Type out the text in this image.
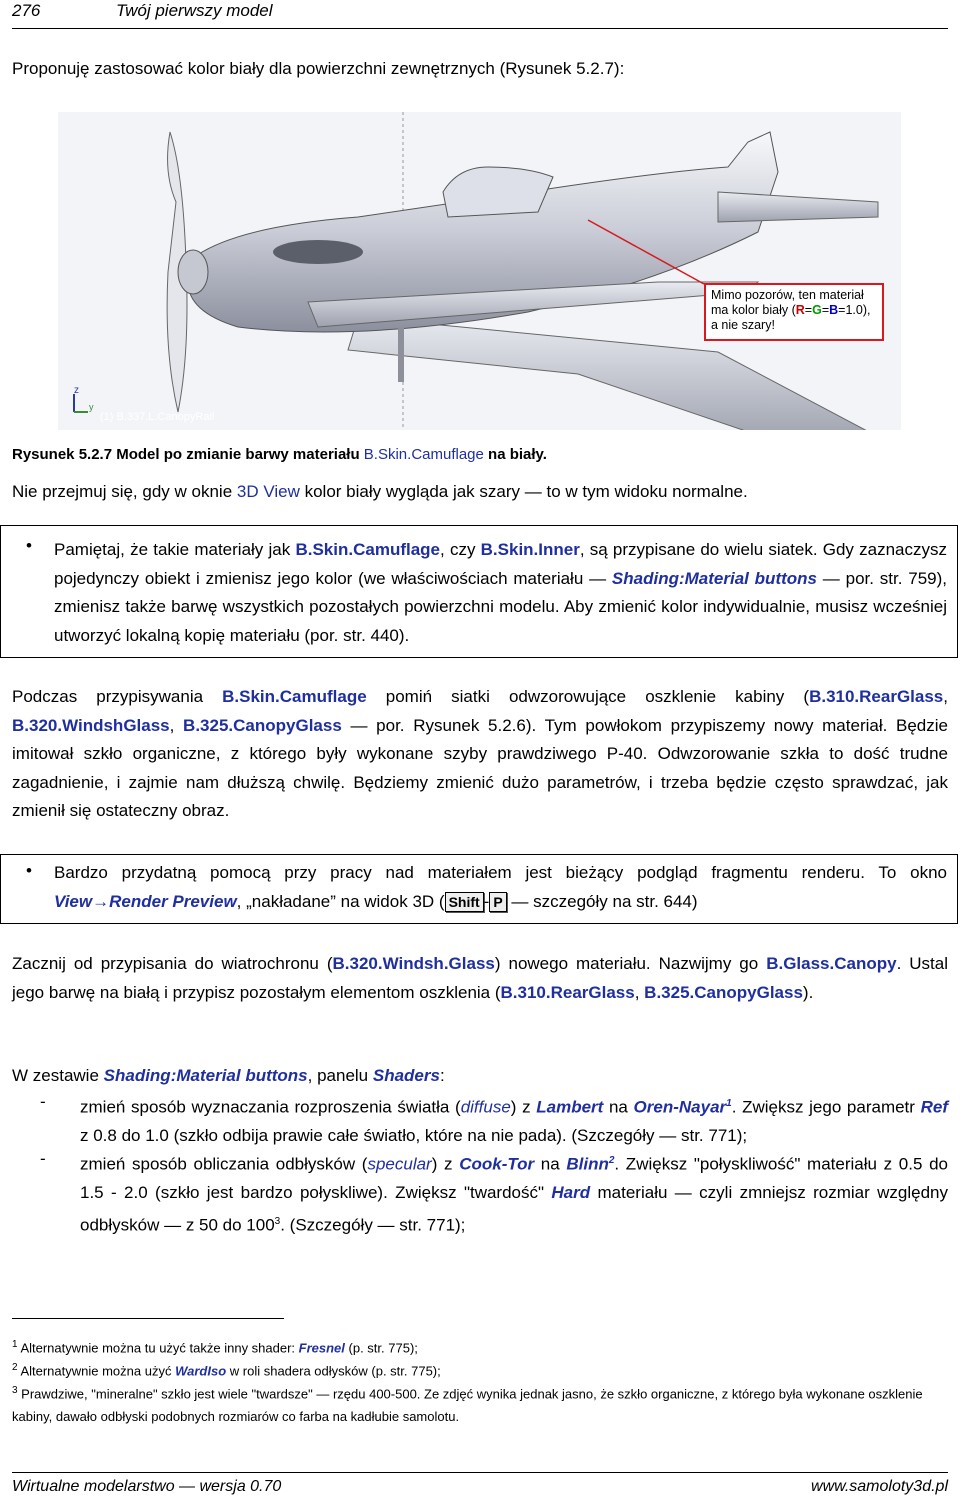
276	Twój pierwszy model
Proponuję zastosować kolor biały dla powierzchni zewnętrznych (Rysunek 5.2.7):
z
y
(1) B.337.L.CanopyRail
Mimo pozorów, ten materiał
ma kolor biały (R=G=B=1.0),
a nie szary!
Rysunek 5.2.7 Model po zmianie barwy materiału B.Skin.Camuflage na biały.
Nie przejmuj się, gdy w oknie 3D View kolor biały wygląda jak szary — to w tym widoku normalne.
• Pamiętaj, że takie materiały jak B.Skin.Camuflage, czy B.Skin.Inner, są przypisane do wielu siatek. Gdy zaznaczysz pojedynczy obiekt i zmienisz jego kolor (we właściwościach materiału — Shading:Material buttons — por. str. 759), zmienisz także barwę wszystkich pozostałych powierzchni modelu. Aby zmienić kolor indywidualnie, musisz wcześniej utworzyć lokalną kopię materiału (por. str. 440).
Podczas przypisywania B.Skin.Camuflage pomiń siatki odwzorowujące oszklenie kabiny (B.310.RearGlass, B.320.WindshGlass, B.325.CanopyGlass — por. Rysunek 5.2.6). Tym powłokom przypiszemy nowy materiał. Będzie imitował szkło organiczne, z którego były wykonane szyby prawdziwego P-40. Odwzorowanie szkła to dość trudne zagadnienie, i zajmie nam dłuższą chwilę. Będziemy zmienić dużo parametrów, i trzeba będzie często sprawdzać, jak zmienił się ostateczny obraz.
• Bardzo przydatną pomocą przy pracy nad materiałem jest bieżący podgląd fragmentu renderu. To okno View→Render Preview, „nakładane” na widok 3D ( Shift - P — szczegóły na str. 644)
Zacznij od przypisania do wiatrochronu (B.320.Windsh.Glass) nowego materiału. Nazwijmy go B.Glass.Canopy. Ustal jego barwę na białą i przypisz pozostałym elementom oszklenia (B.310.RearGlass, B.325.CanopyGlass).
W zestawie Shading:Material buttons, panelu Shaders:
- zmień sposób wyznaczania rozproszenia światła (diffuse) z Lambert na Oren-Nayar$^1$. Zwiększ jego parametr Ref z 0.8 do 1.0 (szkło odbija prawie całe światło, które na nie pada). (Szczegóły — str. 771);
- zmień sposób obliczania odbłysków (specular) z Cook-Tor na Blinn$^2$. Zwiększ "połyskliwość" materiału z 0.5 do 1.5 - 2.0 (szkło jest bardzo połyskliwe). Zwiększ "twardość" Hard materiału — czyli zmniejsz rozmiar względny odbłysków — z 50 do $100^3$. (Szczegóły — str. 771);
$^1$ Alternatywnie można tu użyć także inny shader: Fresnel (p. str. 775);
$^2$ Alternatywnie można użyć WardIso w roli shadera odłysków (p. str. 775);
$^3$ Prawdziwe, "mineralne" szkło jest wiele "twardsze" — rzędu 400-500. Ze zdjęć wynika jednak jasno, że szkło organiczne, z którego była wykonane oszklenie kabiny, dawało odbłyski podobnych rozmiarów co farba na kadłubie samolotu.
Wirtualne modelarstwo — wersja 0.70	www.samoloty3d.pl
